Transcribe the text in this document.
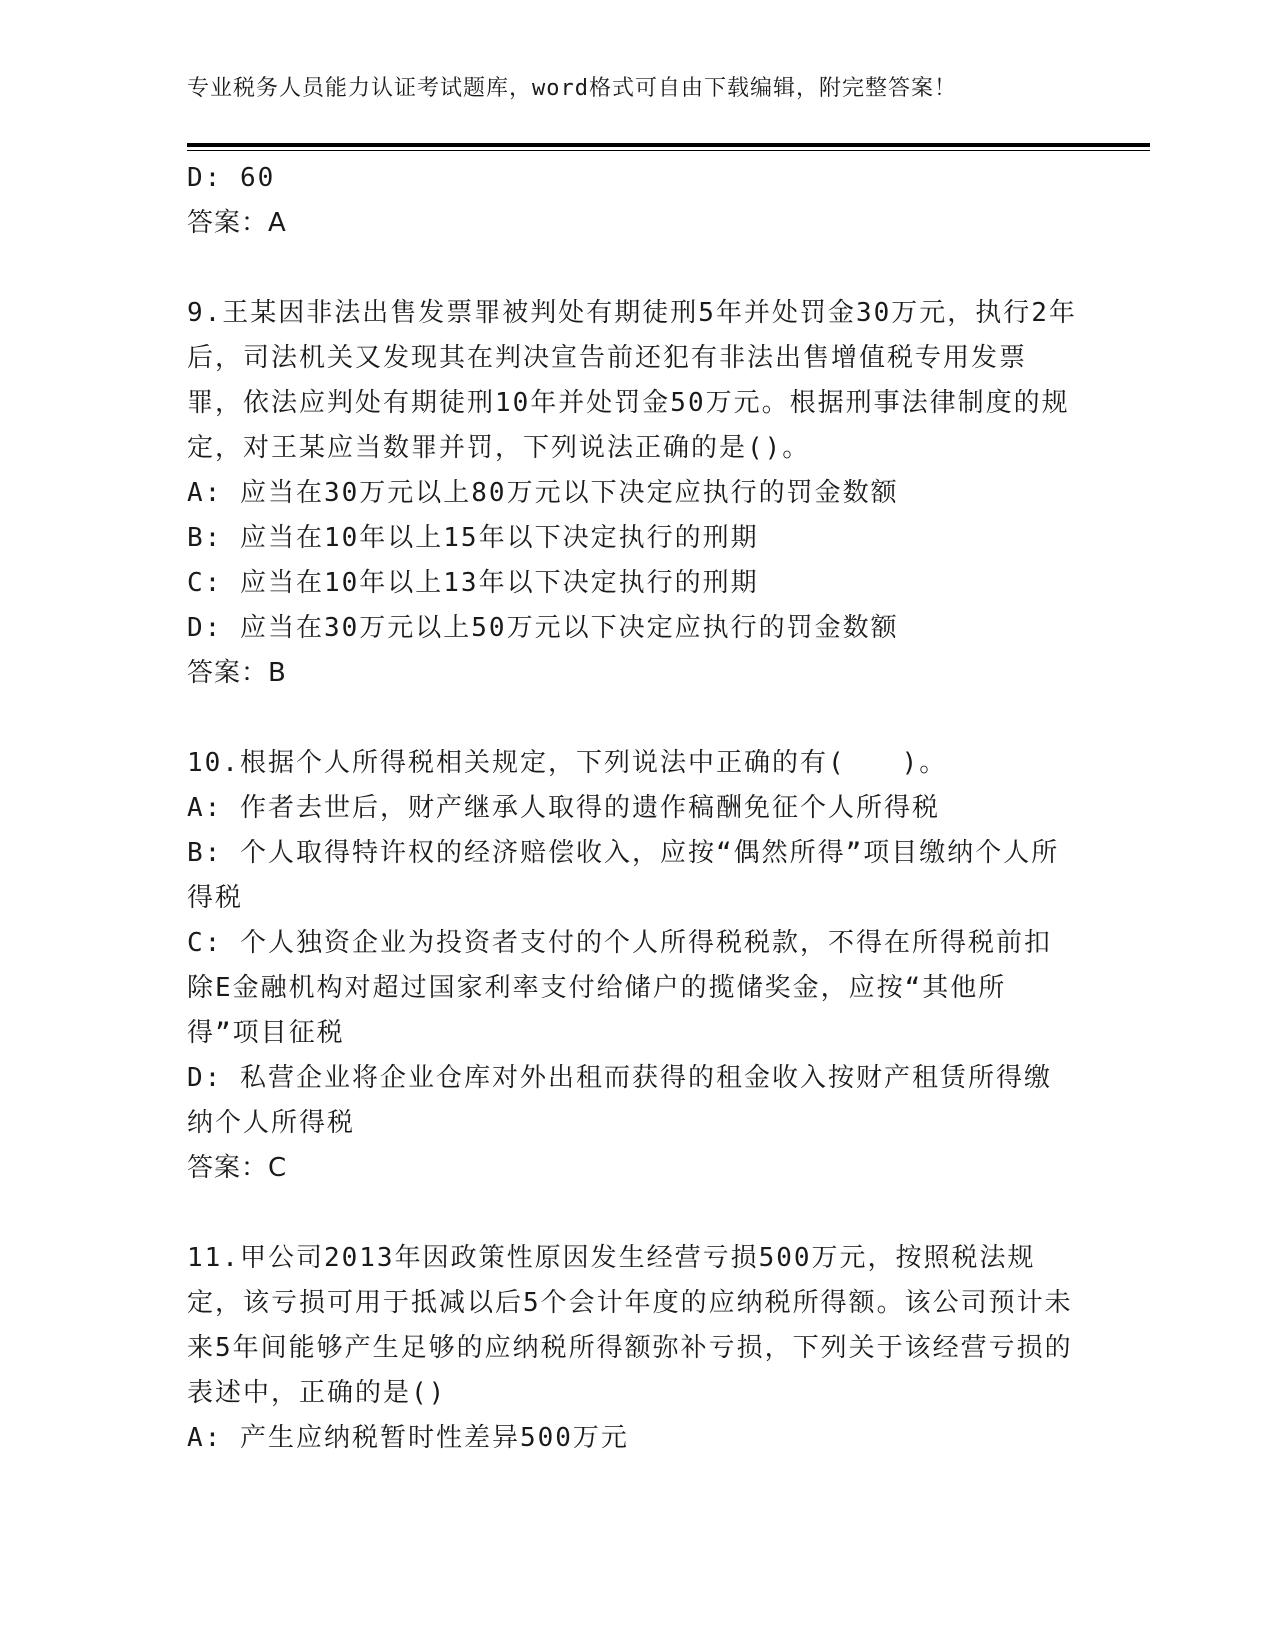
专业税务人员能力认证考试题库，word格式可自由下载编辑，附完整答案！
D: 60
答案：A
9.王某因非法出售发票罪被判处有期徒刑5年并处罚金30万元，执行2年后，司法机关又发现其在判决宣告前还犯有非法出售增值税专用发票罪，依法应判处有期徒刑10年并处罚金50万元。根据刑事法律制度的规定，对王某应当数罪并罚，下列说法正确的是()。
A: 应当在30万元以上80万元以下决定应执行的罚金数额
B: 应当在10年以上15年以下决定执行的刑期
C: 应当在10年以上13年以下决定执行的刑期
D: 应当在30万元以上50万元以下决定应执行的罚金数额
答案：B
10.根据个人所得税相关规定，下列说法中正确的有(　　)。
A: 作者去世后，财产继承人取得的遗作稿酬免征个人所得税
B: 个人取得特许权的经济赔偿收入，应按“偶然所得”项目缴纳个人所得税
C: 个人独资企业为投资者支付的个人所得税税款，不得在所得税前扣除E金融机构对超过国家利率支付给储户的揽储奖金，应按“其他所得”项目征税
D: 私营企业将企业仓库对外出租而获得的租金收入按财产租赁所得缴纳个人所得税
答案：C
11.甲公司2013年因政策性原因发生经营亏损500万元，按照税法规定，该亏损可用于抵减以后5个会计年度的应纳税所得额。该公司预计未来5年间能够产生足够的应纳税所得额弥补亏损，下列关于该经营亏损的表述中，正确的是()
A: 产生应纳税暂时性差异500万元
